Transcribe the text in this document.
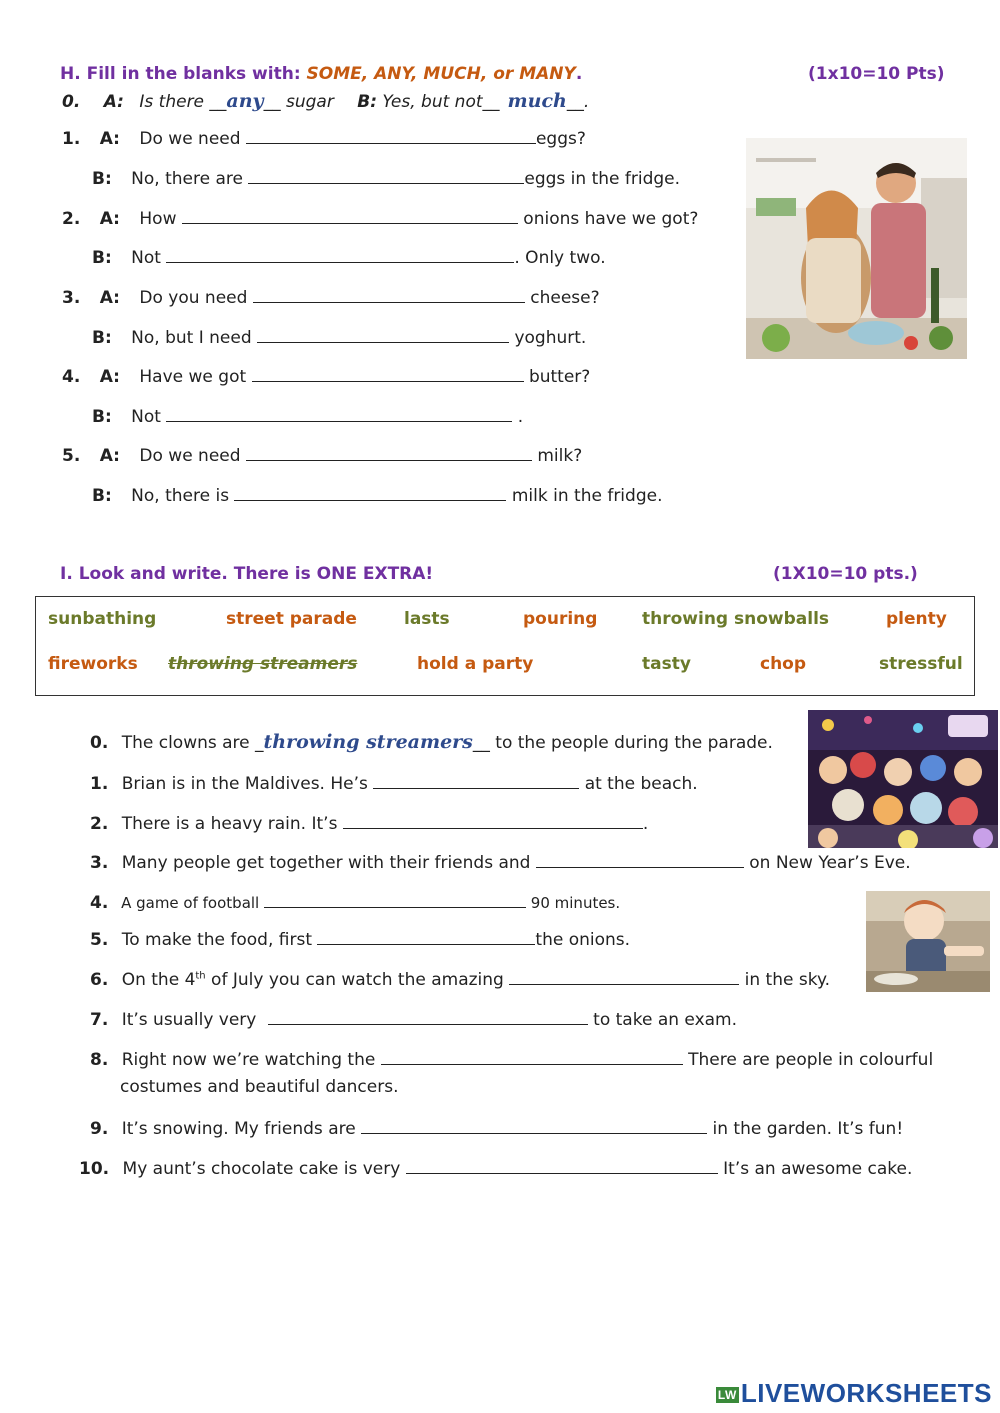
H. Fill in the blanks with: SOME, ANY, MUCH, or MANY.	(1x10=10 Pts)
0. A: Is there __any__ sugar B: Yes, but not__ much__.
1. A: Do we need	eggs?
B: No, there are	eggs in the fridge.
2. A: How	onions have we got?
B: Not	. Only two.
3. A: Do you need	cheese?
B: No, but I need	yoghurt.
4. A: Have we got	butter?
B: Not	.
5. A: Do we need	milk?
B: No, there is	milk in the fridge.
I. Look and write. There is ONE EXTRA!	(1X10=10 pts.)
sunbathing	street parade	lasts	pouring	throwing snowballs	plenty
fireworks throwing streamers	hold a party	tasty	chop	stressful
0. The clowns are _throwing streamers__ to the people during the parade.
1. Brian is in the Maldives. He’s	at the beach.
2. There is a heavy rain. It’s	.
3. Many people get together with their friends and	on New Year’s Eve.
4. A game of football	90 minutes.
5. To make the food, first	the onions.
6. On the 4th of July you can watch the amazing	in the sky.
7. It’s usually very	to take an exam.
8. Right now we’re watching the	There are people in colourful
costumes and beautiful dancers.
9. It’s snowing. My friends are	in the garden. It’s fun!
10. My aunt’s chocolate cake is very	It’s an awesome cake.
LW LIVEWORKSHEETS
